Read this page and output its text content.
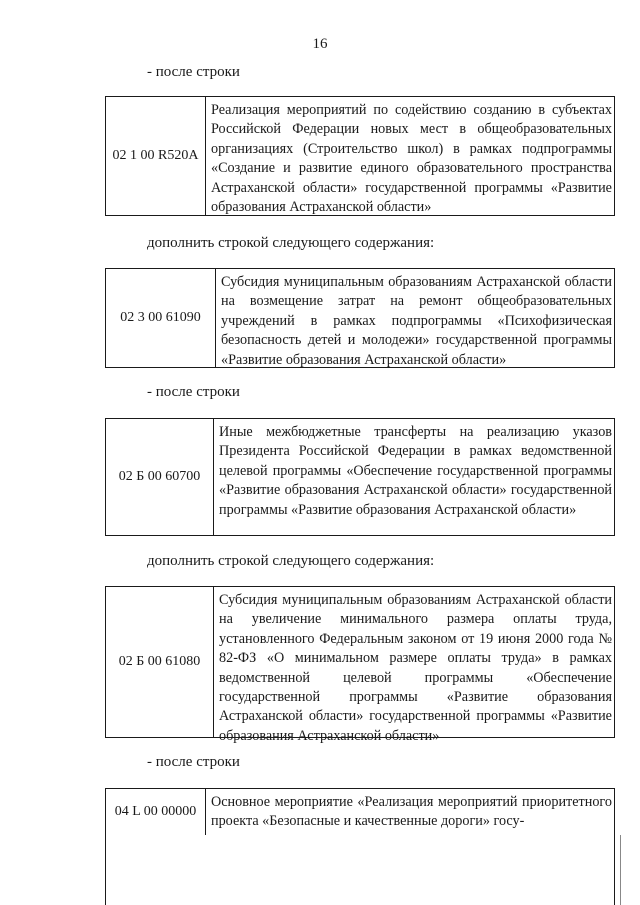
16
- после строки
02 1 00 R520A
Реализация мероприятий по содействию созданию в субъектах Российской Федерации новых мест в общеобразовательных организациях (Строительство школ) в рамках подпрограммы «Создание и развитие единого образовательного пространства Астраханской области» государственной программы «Развитие образования Астраханской области»
дополнить строкой следующего содержания:
02 3 00 61090
Субсидия муниципальным образованиям Астраханской области на возмещение затрат на ремонт общеобразовательных учреждений в рамках подпрограммы «Психофизическая безопасность детей и молодежи» государственной программы «Развитие образования Астраханской области»
- после строки
02 Б 00 60700
Иные межбюджетные трансферты на реализацию указов Президента Российской Федерации в рамках ведомственной целевой программы «Обеспечение государственной программы «Развитие образования Астраханской области» государственной программы «Развитие образования Астраханской области»
дополнить строкой следующего содержания:
02 Б 00 61080
Субсидия муниципальным образованиям Астраханской области на увеличение минимального размера оплаты труда, установленного Федеральным законом от 19 июня 2000 года № 82-ФЗ «О минимальном размере оплаты труда» в рамках ведомственной целевой программы «Обеспечение государственной программы «Развитие образования Астраханской области» государственной программы «Развитие образования Астраханской области»
- после строки
04 L 00 00000
Основное мероприятие «Реализация мероприятий приоритетного проекта «Безопасные и качественные дороги» госу-
